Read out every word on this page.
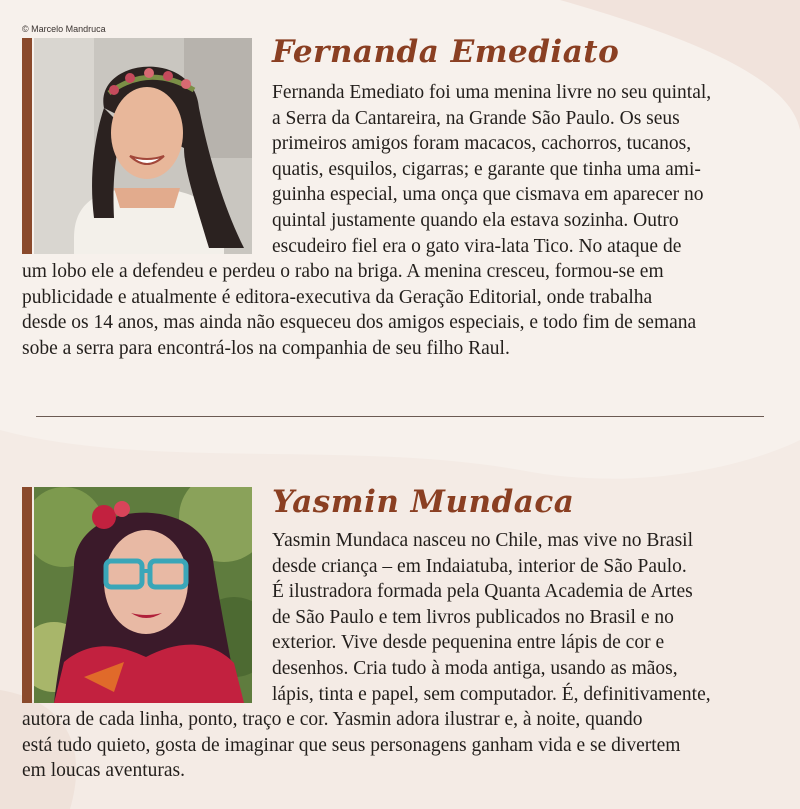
© Marcelo Mandruca
Fernanda Emediato

Fernanda Emediato foi uma menina livre no seu quintal,

a Serra da Cantareira, na Grande São Paulo. Os seus

primeiros amigos foram macacos, cachorros, tucanos,

quatis, esquilos, cigarras; e garante que tinha uma ami-

guinha especial, uma onça que cismava em aparecer no

quintal justamente quando ela estava sozinha. Outro

escudeiro fiel era o gato vira-lata Tico. No ataque de

um lobo ele a defendeu e perdeu o rabo na briga. A menina cresceu, formou-se em

publicidade e atualmente é editora-executiva da Geração Editorial, onde trabalha

desde os 14 anos, mas ainda não esqueceu dos amigos especiais, e todo fim de semana

sobe a serra para encontrá-los na companhia de seu filho Raul.

Yasmin Mundaca

Yasmin Mundaca nasceu no Chile, mas vive no Brasil

desde criança – em Indaiatuba, interior de São Paulo.

É ilustradora formada pela Quanta Academia de Artes

de São Paulo e tem livros publicados no Brasil e no

exterior. Vive desde pequenina entre lápis de cor e

desenhos. Cria tudo à moda antiga, usando as mãos,

lápis, tinta e papel, sem computador. É, definitivamente,

autora de cada linha, ponto, traço e cor. Yasmin adora ilustrar e, à noite, quando

está tudo quieto, gosta de imaginar que seus personagens ganham vida e se divertem

em loucas aventuras.
